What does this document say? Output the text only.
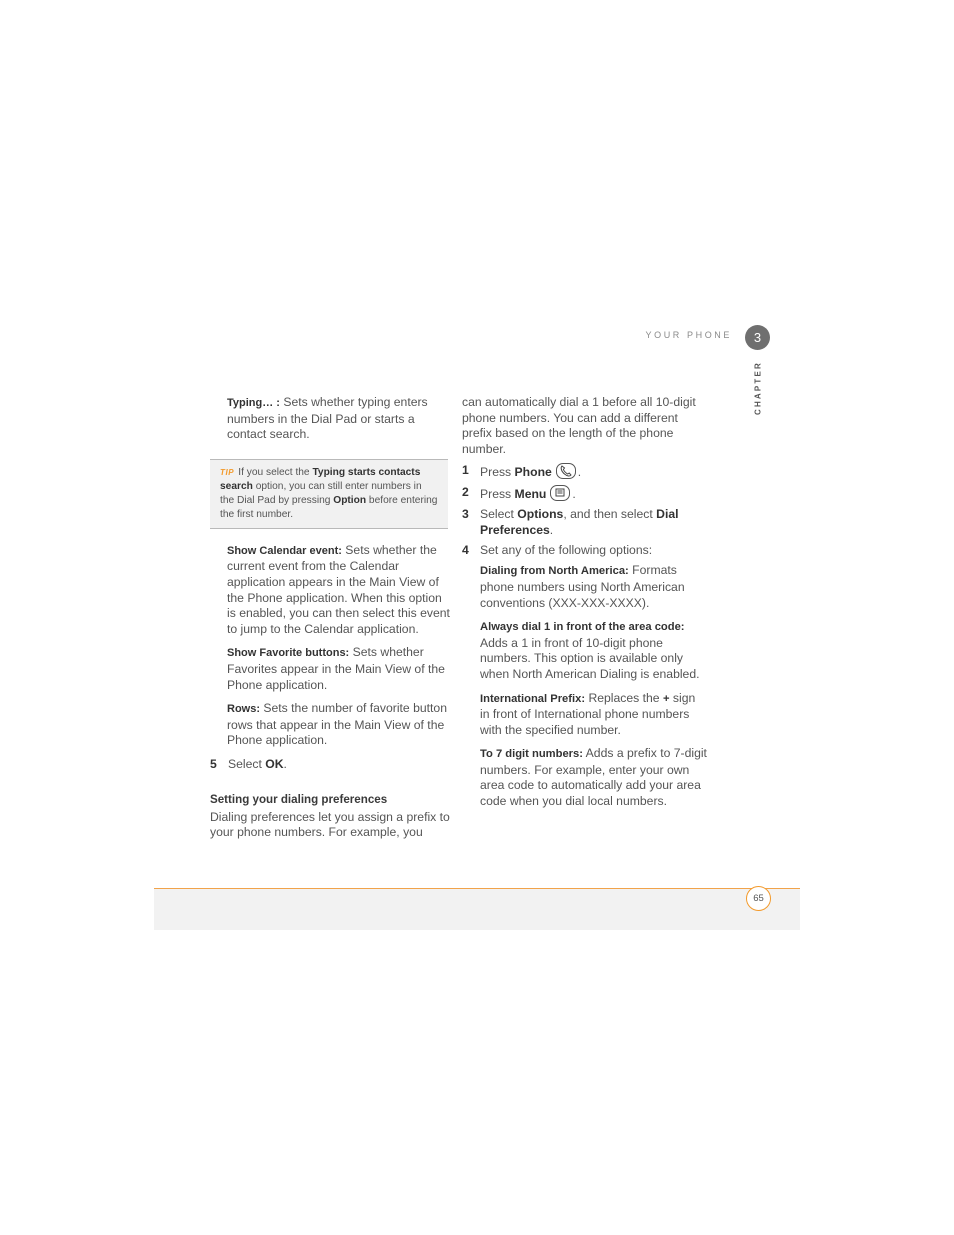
YOUR PHONE	3
CHAPTER
Typing… : Sets whether typing enters numbers in the Dial Pad or starts a contact search.
TIP If you select the Typing starts contacts search option, you can still enter numbers in the Dial Pad by pressing Option before entering the first number.
Show Calendar event: Sets whether the current event from the Calendar application appears in the Main View of the Phone application. When this option is enabled, you can then select this event to jump to the Calendar application.
Show Favorite buttons: Sets whether Favorites appear in the Main View of the Phone application.
Rows: Sets the number of favorite button rows that appear in the Main View of the Phone application.
5 Select OK.
Setting your dialing preferences
Dialing preferences let you assign a prefix to your phone numbers. For example, you
can automatically dial a 1 before all 10-digit phone numbers. You can add a different prefix based on the length of the phone number.
1 Press Phone .
2 Press Menu .
3 Select Options, and then select Dial Preferences.
4 Set any of the following options:
Dialing from North America: Formats phone numbers using North American conventions (XXX-XXX-XXXX).
Always dial 1 in front of the area code: Adds a 1 in front of 10-digit phone numbers. This option is available only when North American Dialing is enabled.
International Prefix: Replaces the + sign in front of International phone numbers with the specified number.
To 7 digit numbers: Adds a prefix to 7-digit numbers. For example, enter your own area code to automatically add your area code when you dial local numbers.
65
